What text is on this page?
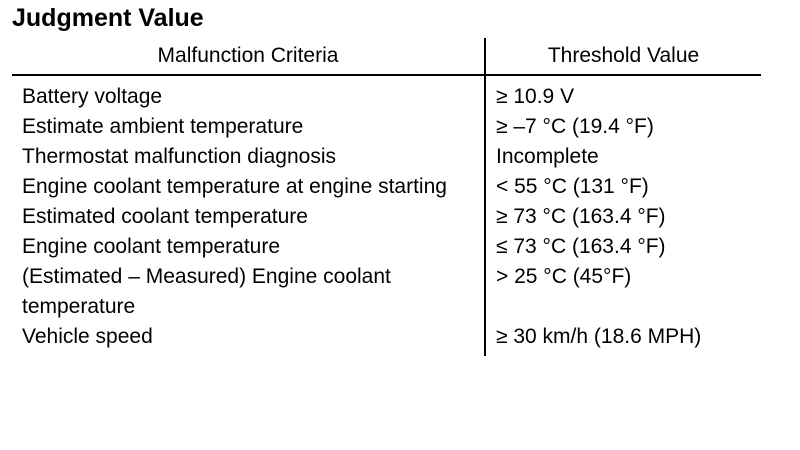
Judgment Value
Malfunction Criteria	Threshold Value
Battery voltage	≥ 10.9 V
Estimate ambient temperature	≥ –7 °C (19.4 °F)
Thermostat malfunction diagnosis	Incomplete
Engine coolant temperature at engine starting	< 55 °C (131 °F)
Estimated coolant temperature	≥ 73 °C (163.4 °F)
Engine coolant temperature	≤ 73 °C (163.4 °F)
(Estimated – Measured) Engine coolant temperature	> 25 °C (45°F)
Vehicle speed	≥ 30 km/h (18.6 MPH)
